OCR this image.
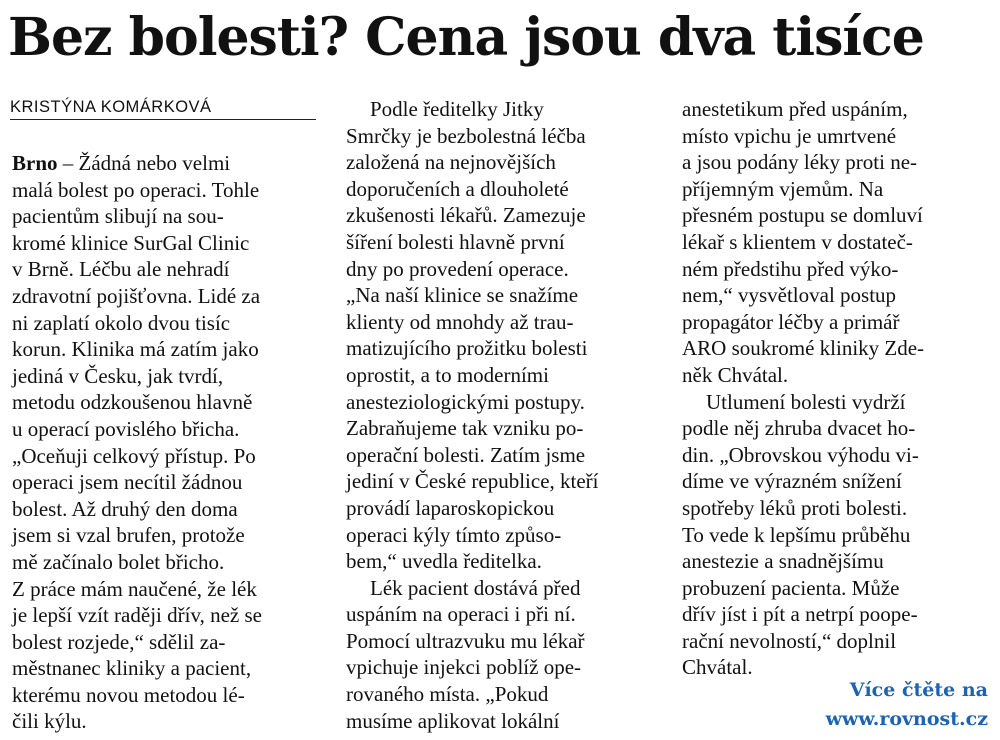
Bez bolesti? Cena jsou dva tisíce
KRISTÝNA KOMÁRKOVÁ
Brno – Žádná nebo velmi
malá bolest po operaci. Tohle
pacientům slibují na sou-
kromé klinice SurGal Clinic
v Brně. Léčbu ale nehradí
zdravotní pojišťovna. Lidé za
ni zaplatí okolo dvou tisíc
korun. Klinika má zatím jako
jediná v Česku, jak tvrdí,
metodu odzkoušenou hlavně
u operací povislého břicha.
„Oceňuji celkový přístup. Po
operaci jsem necítil žádnou
bolest. Až druhý den doma
jsem si vzal brufen, protože
mě začínalo bolet břicho.
Z práce mám naučené, že lék
je lepší vzít raději dřív, než se
bolest rozjede,“ sdělil za-
městnanec kliniky a pacient,
kterému novou metodou lé-
čili kýlu.
Podle ředitelky Jitky
Smrčky je bezbolestná léčba
založená na nejnovějších
doporučeních a dlouholeté
zkušenosti lékařů. Zamezuje
šíření bolesti hlavně první
dny po provedení operace.
„Na naší klinice se snažíme
klienty od mnohdy až trau-
matizujícího prožitku bolesti
oprostit, a to moderními
anesteziologickými postupy.
Zabraňujeme tak vzniku po-
operační bolesti. Zatím jsme
jediní v České republice, kteří
provádí laparoskopickou
operaci kýly tímto způso-
bem,“ uvedla ředitelka.
Lék pacient dostává před
uspáním na operaci i při ní.
Pomocí ultrazvuku mu lékař
vpichuje injekci poblíž ope-
rovaného místa. „Pokud
musíme aplikovat lokální
anestetikum před uspáním,
místo vpichu je umrtvené
a jsou podány léky proti ne-
příjemným vjemům. Na
přesném postupu se domluví
lékař s klientem v dostateč-
ném předstihu před výko-
nem,“ vysvětloval postup
propagátor léčby a primář
ARO soukromé kliniky Zde-
něk Chvátal.
Utlumení bolesti vydrží
podle něj zhruba dvacet ho-
din. „Obrovskou výhodu vi-
díme ve výrazném snížení
spotřeby léků proti bolesti.
To vede k lepšímu průběhu
anestezie a snadnějšímu
probuzení pacienta. Může
dřív jíst i pít a netrpí poope-
rační nevolností,“ doplnil
Chvátal.
Více čtěte na
www.rovnost.cz
